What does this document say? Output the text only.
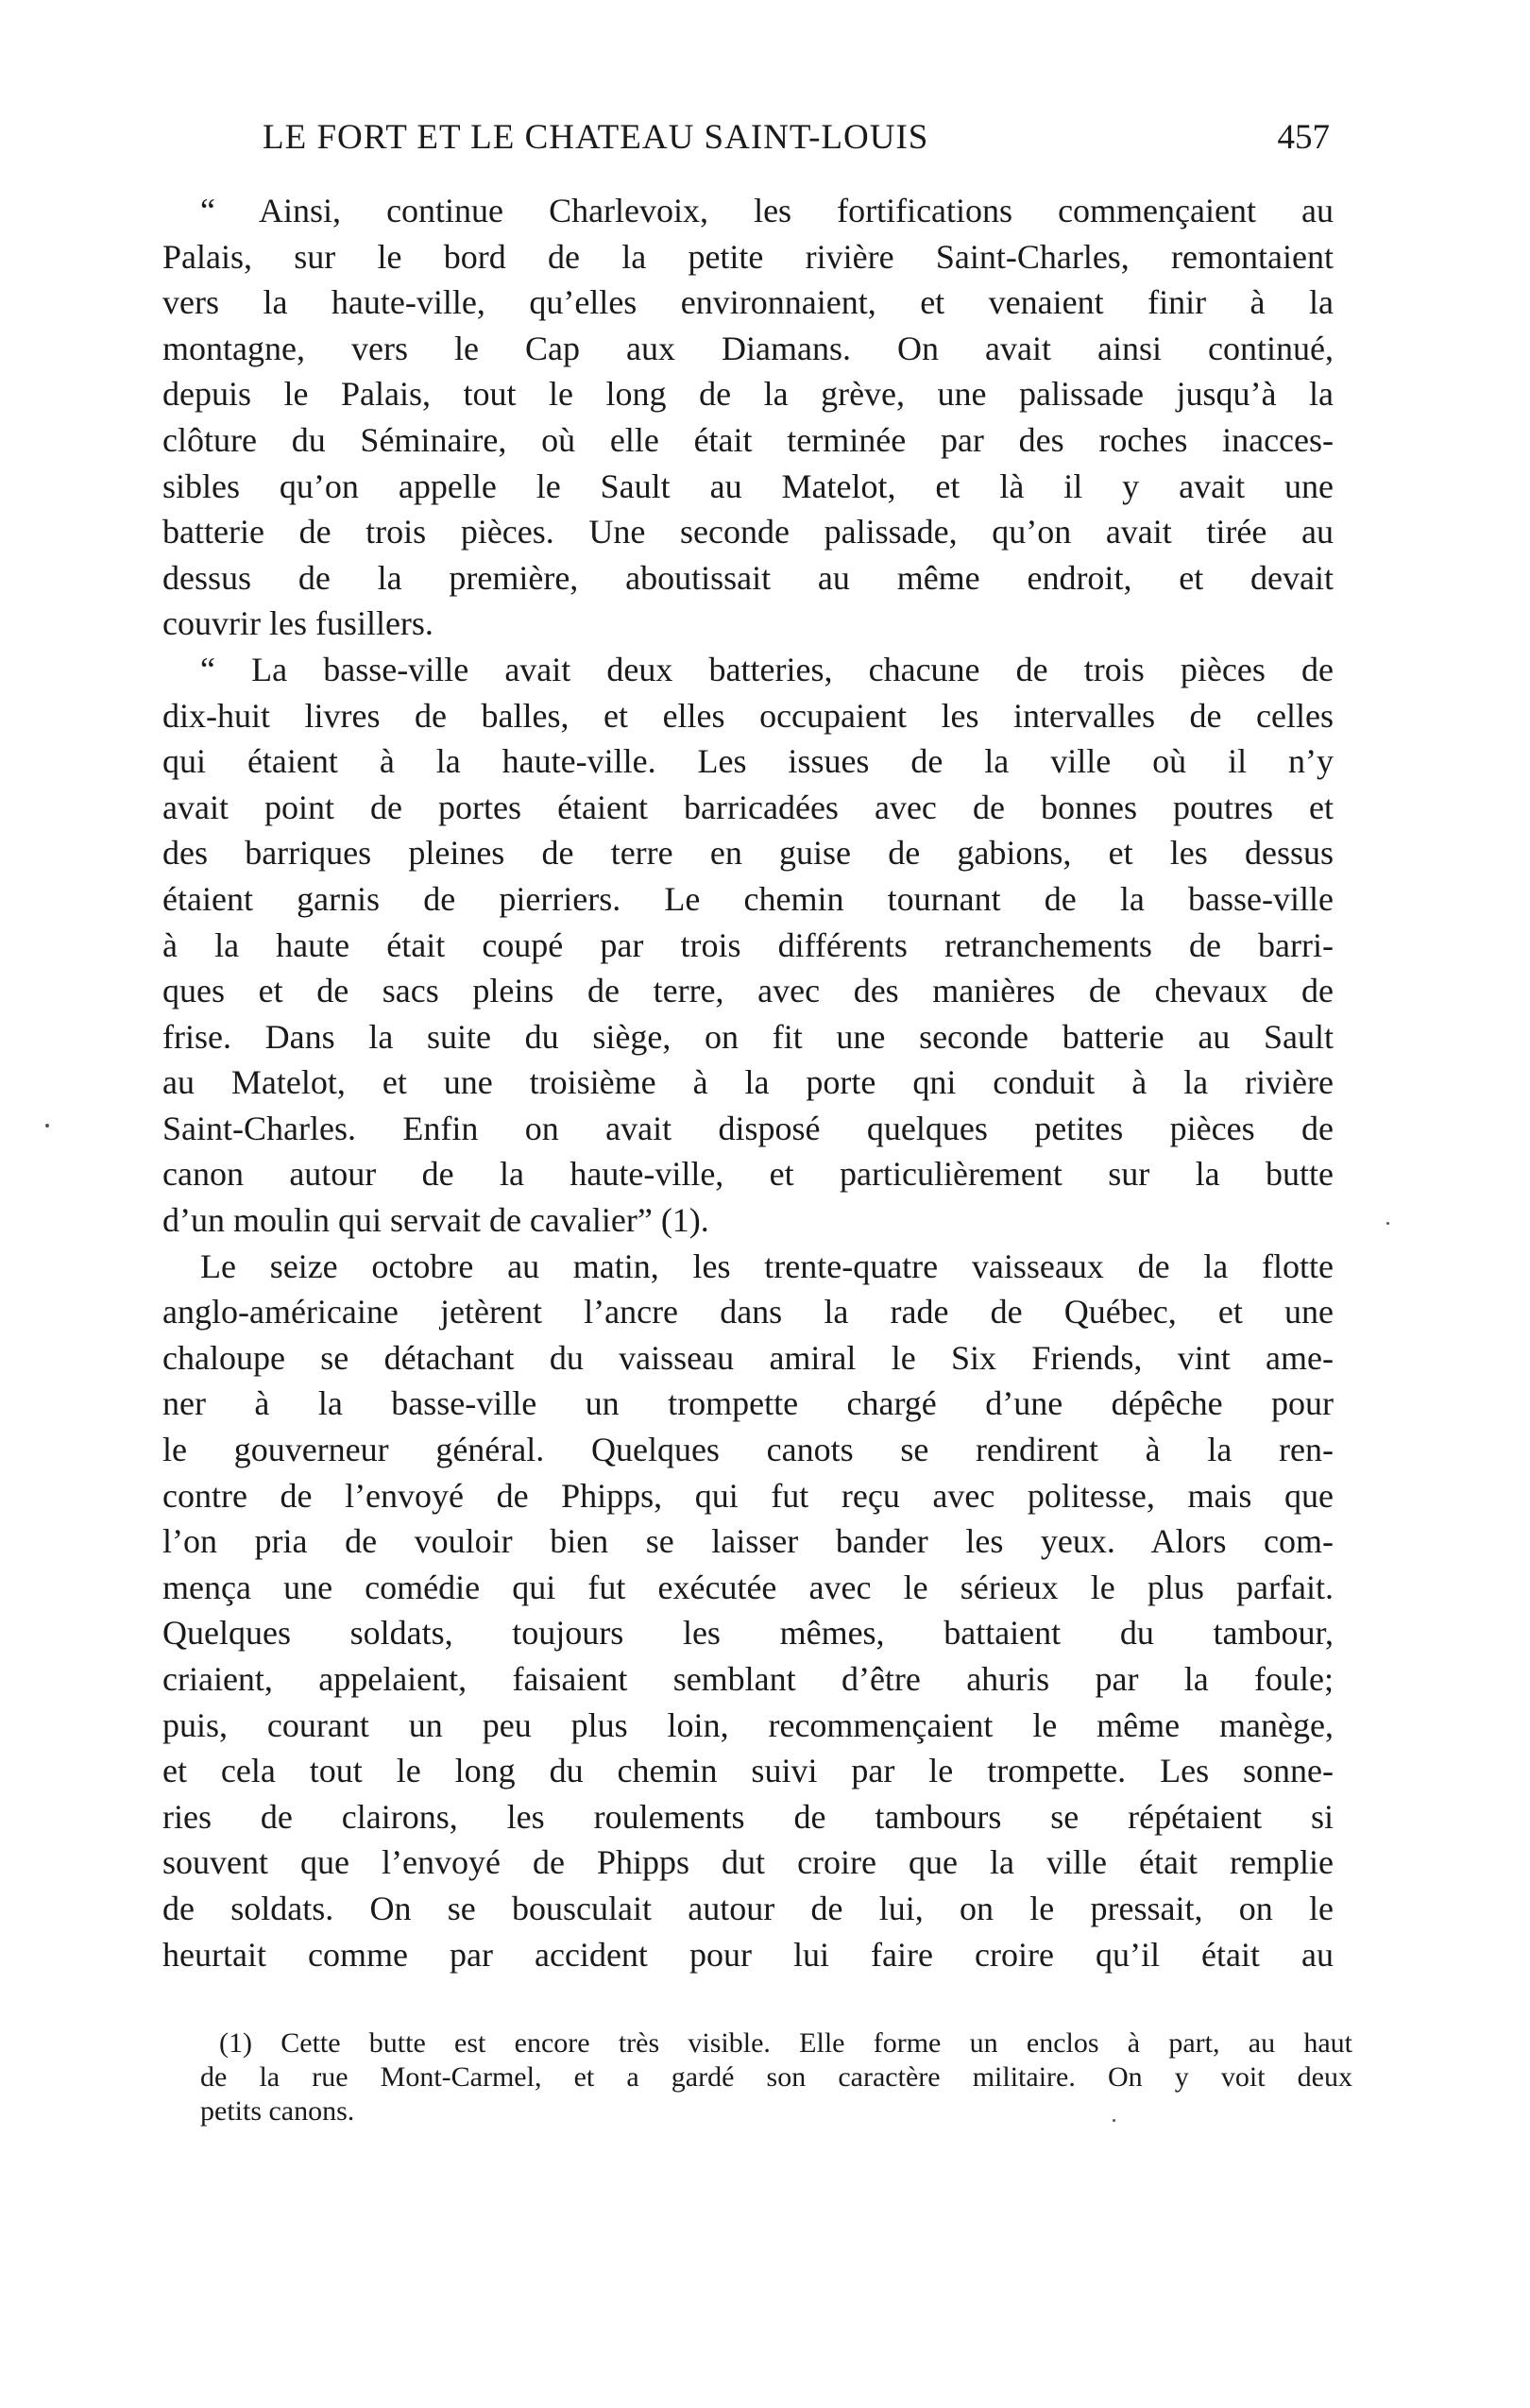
LE FORT ET LE CHATEAU SAINT-LOUIS	457
“ Ainsi, continue Charlevoix, les fortifications commençaient au
Palais, sur le bord de la petite rivière Saint-Charles, remontaient
vers la haute-ville, qu’elles environnaient, et venaient finir à la
montagne, vers le Cap aux Diamans. On avait ainsi continué,
depuis le Palais, tout le long de la grève, une palissade jusqu’à la
clôture du Séminaire, où elle était terminée par des roches inacces-
sibles qu’on appelle le Sault au Matelot, et là il y avait une
batterie de trois pièces. Une seconde palissade, qu’on avait tirée au
dessus de la première, aboutissait au même endroit, et devait
couvrir les fusillers.
“ La basse-ville avait deux batteries, chacune de trois pièces de
dix-huit livres de balles, et elles occupaient les intervalles de celles
qui étaient à la haute-ville. Les issues de la ville où il n’y
avait point de portes étaient barricadées avec de bonnes poutres et
des barriques pleines de terre en guise de gabions, et les dessus
étaient garnis de pierriers. Le chemin tournant de la basse-ville
à la haute était coupé par trois différents retranchements de barri-
ques et de sacs pleins de terre, avec des manières de chevaux de
frise. Dans la suite du siège, on fit une seconde batterie au Sault
au Matelot, et une troisième à la porte qni conduit à la rivière
Saint-Charles. Enfin on avait disposé quelques petites pièces de
canon autour de la haute-ville, et particulièrement sur la butte
d’un moulin qui servait de cavalier” (1).
Le seize octobre au matin, les trente-quatre vaisseaux de la flotte
anglo-américaine jetèrent l’ancre dans la rade de Québec, et une
chaloupe se détachant du vaisseau amiral le Six Friends, vint ame-
ner à la basse-ville un trompette chargé d’une dépêche pour
le gouverneur général. Quelques canots se rendirent à la ren-
contre de l’envoyé de Phipps, qui fut reçu avec politesse, mais que
l’on pria de vouloir bien se laisser bander les yeux. Alors com-
mença une comédie qui fut exécutée avec le sérieux le plus parfait.
Quelques soldats, toujours les mêmes, battaient du tambour,
criaient, appelaient, faisaient semblant d’être ahuris par la foule;
puis, courant un peu plus loin, recommençaient le même manège,
et cela tout le long du chemin suivi par le trompette. Les sonne-
ries de clairons, les roulements de tambours se répétaient si
souvent que l’envoyé de Phipps dut croire que la ville était remplie
de soldats. On se bousculait autour de lui, on le pressait, on le
heurtait comme par accident pour lui faire croire qu’il était au
(1) Cette butte est encore très visible. Elle forme un enclos à part, au haut
de la rue Mont-Carmel, et a gardé son caractère militaire. On y voit deux
petits canons.
